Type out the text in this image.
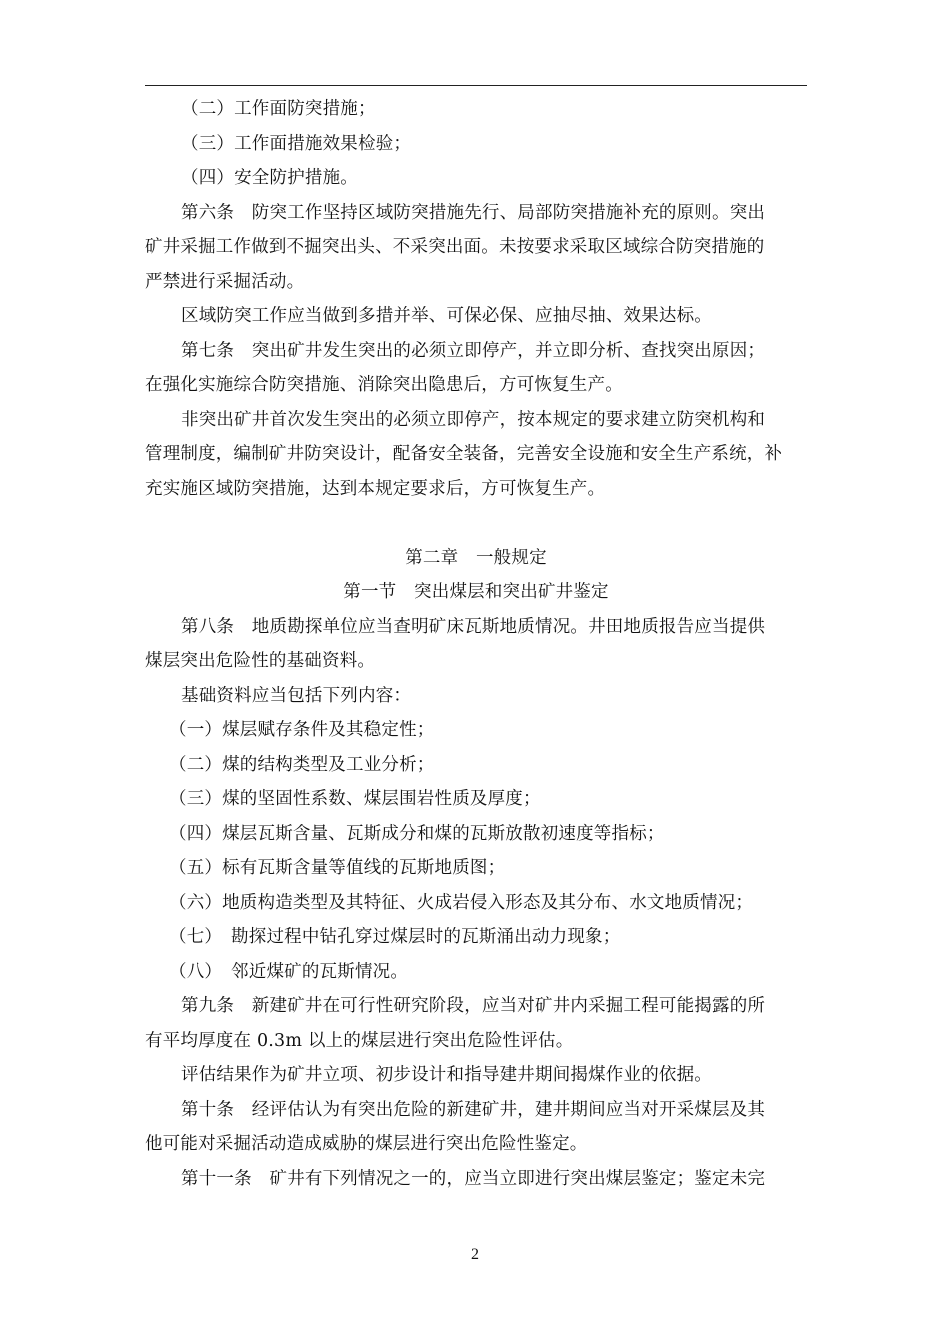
（二）工作面防突措施；
（三）工作面措施效果检验；
（四）安全防护措施。
第六条　防突工作坚持区域防突措施先行、局部防突措施补充的原则。突出
矿井采掘工作做到不掘突出头、不采突出面。未按要求采取区域综合防突措施的
严禁进行采掘活动。
区域防突工作应当做到多措并举、可保必保、应抽尽抽、效果达标。
第七条　突出矿井发生突出的必须立即停产，并立即分析、查找突出原因；
在强化实施综合防突措施、消除突出隐患后，方可恢复生产。
非突出矿井首次发生突出的必须立即停产，按本规定的要求建立防突机构和
管理制度，编制矿井防突设计，配备安全装备，完善安全设施和安全生产系统，补
充实施区域防突措施，达到本规定要求后，方可恢复生产。
第二章　一般规定
第一节　突出煤层和突出矿井鉴定
第八条　地质勘探单位应当查明矿床瓦斯地质情况。井田地质报告应当提供
煤层突出危险性的基础资料。
基础资料应当包括下列内容：
（一）煤层赋存条件及其稳定性；
（二）煤的结构类型及工业分析；
（三）煤的坚固性系数、煤层围岩性质及厚度；
（四）煤层瓦斯含量、瓦斯成分和煤的瓦斯放散初速度等指标；
（五）标有瓦斯含量等值线的瓦斯地质图；
（六）地质构造类型及其特征、火成岩侵入形态及其分布、水文地质情况；
（七）　勘探过程中钻孔穿过煤层时的瓦斯涌出动力现象；
（八）　邻近煤矿的瓦斯情况。
第九条　新建矿井在可行性研究阶段，应当对矿井内采掘工程可能揭露的所
有平均厚度在 0.3m 以上的煤层进行突出危险性评估。
评估结果作为矿井立项、初步设计和指导建井期间揭煤作业的依据。
第十条　经评估认为有突出危险的新建矿井，建井期间应当对开采煤层及其
他可能对采掘活动造成威胁的煤层进行突出危险性鉴定。
第十一条　矿井有下列情况之一的，应当立即进行突出煤层鉴定；鉴定未完
2
